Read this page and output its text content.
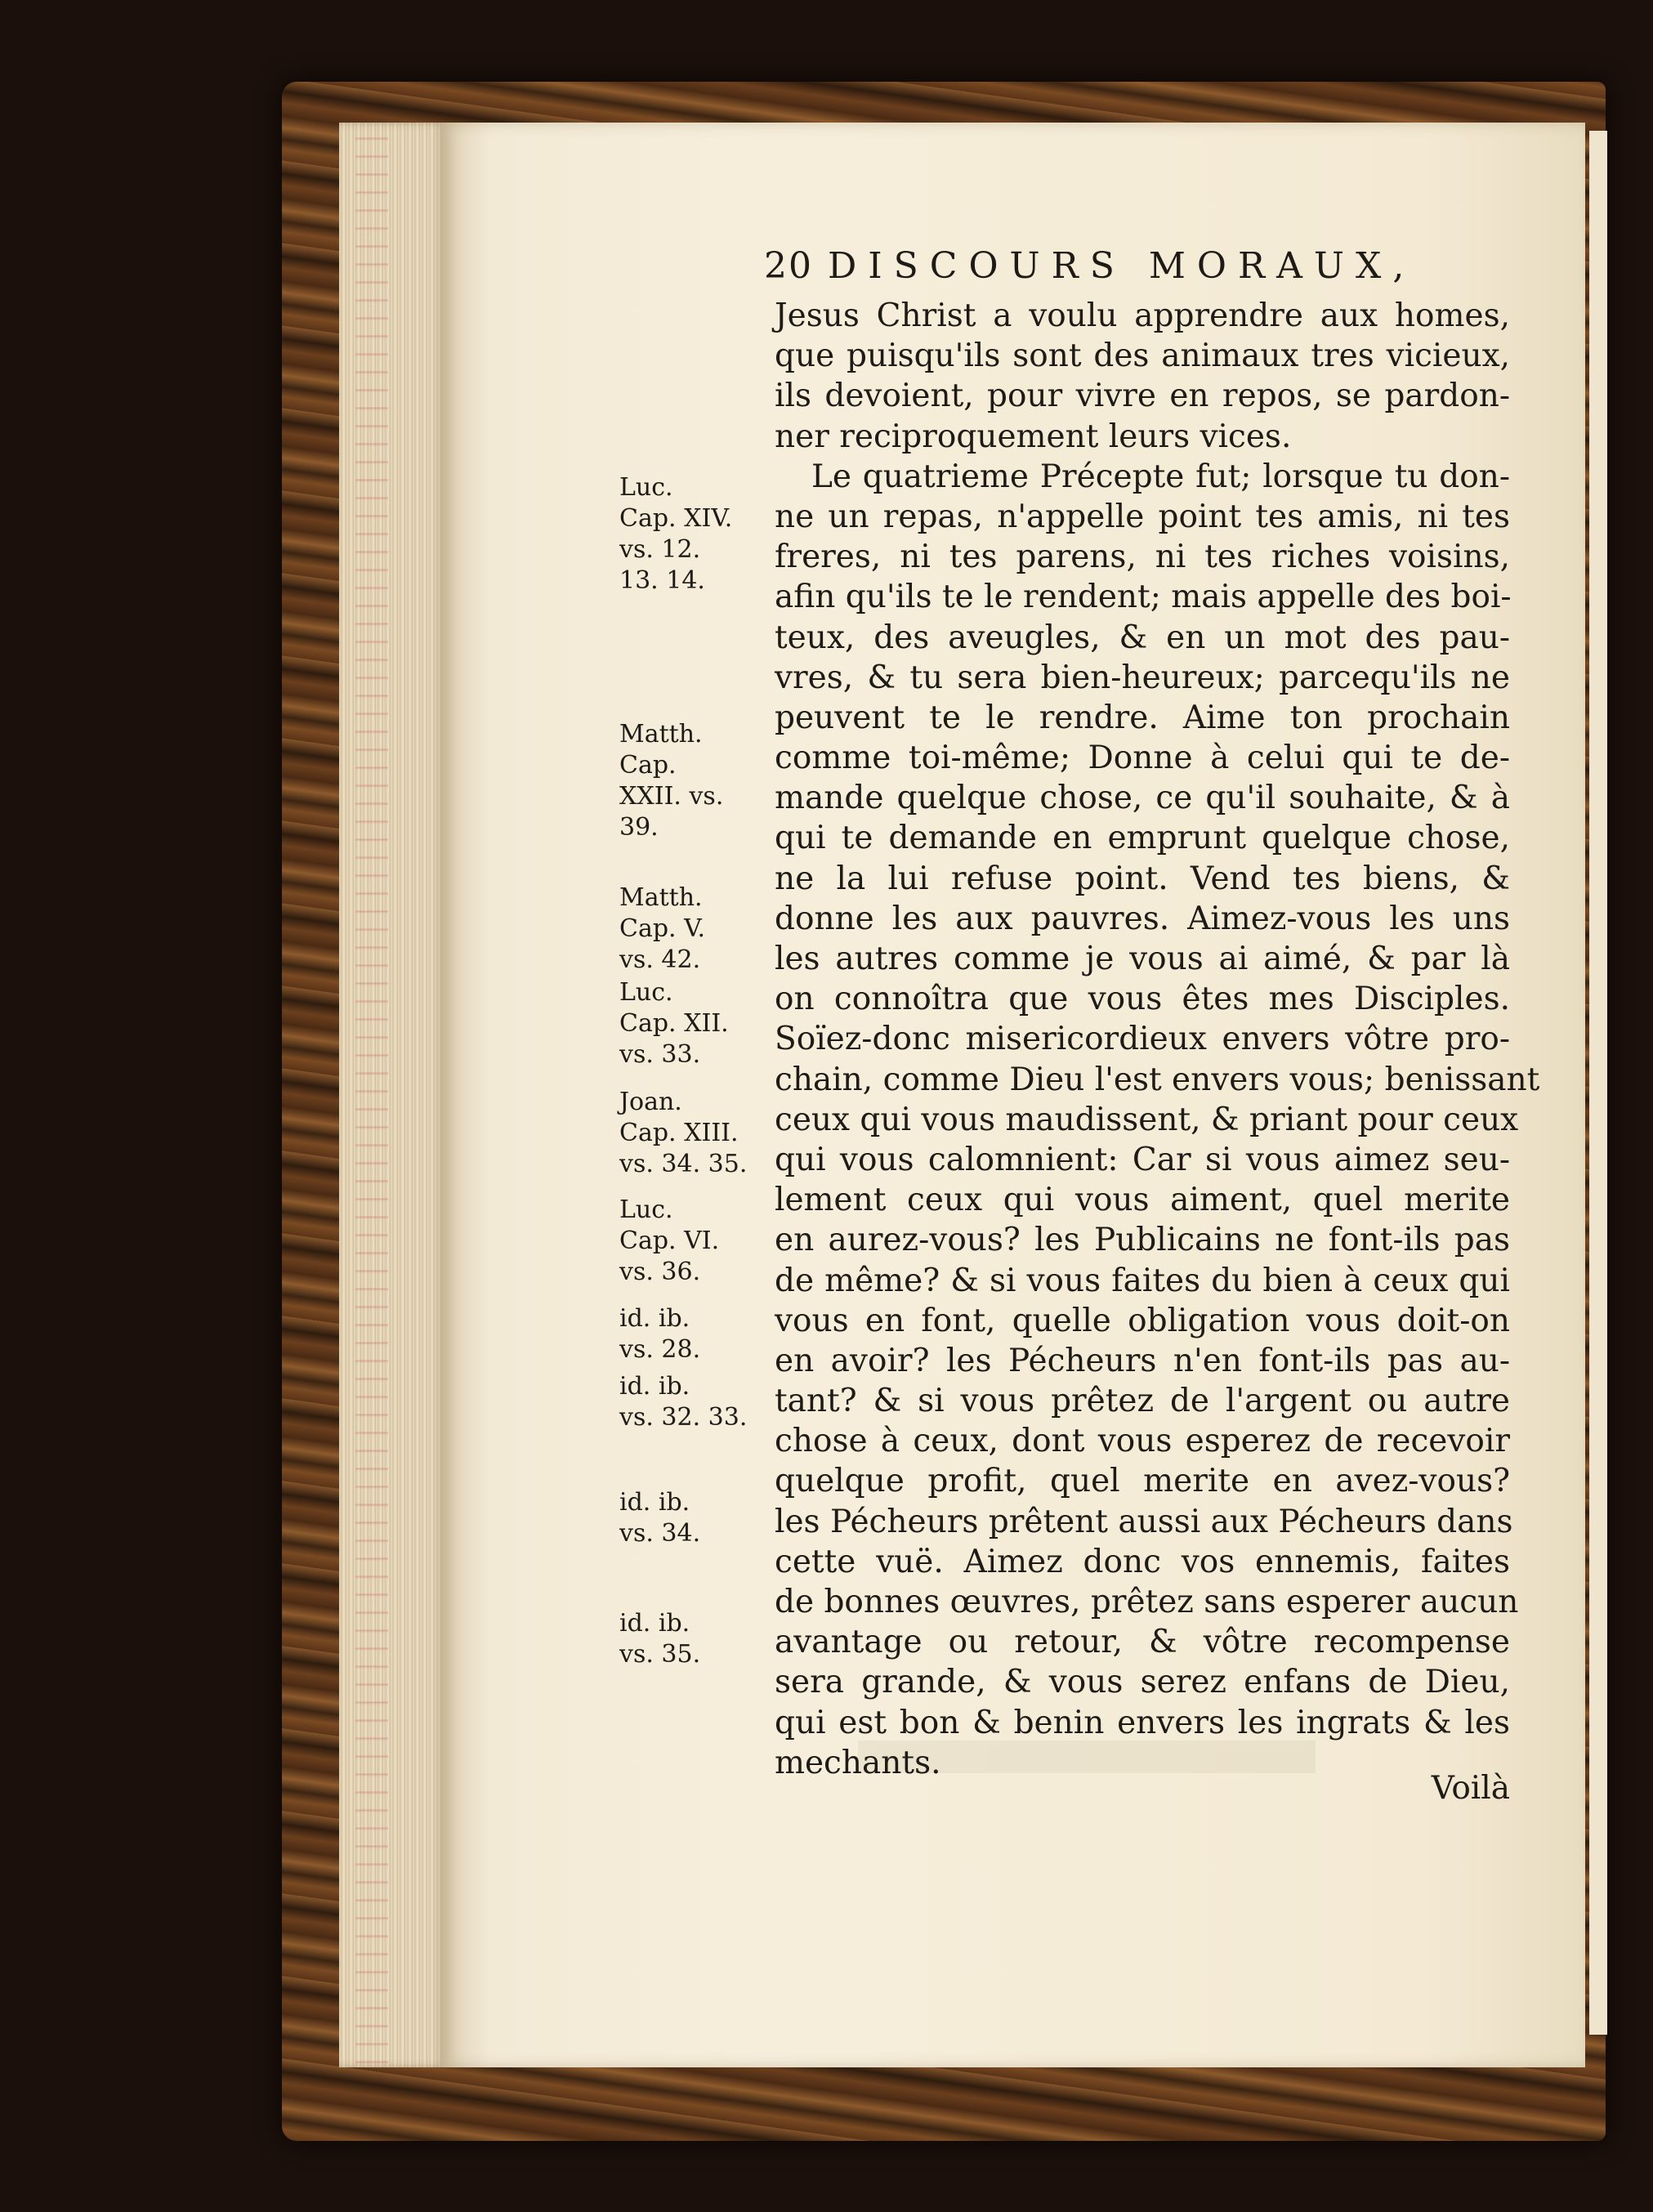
20 DISCOURS MORAUX,
Jesus Christ a voulu apprendre aux homes,
que puisqu'ils sont des animaux tres vicieux,
ils devoient, pour vivre en repos, se pardon-
ner reciproquement leurs vices.
Le quatrieme Précepte fut; lorsque tu don-
ne un repas, n'appelle point tes amis, ni tes
freres, ni tes parens, ni tes riches voisins,
afin qu'ils te le rendent; mais appelle des boi-
teux, des aveugles, & en un mot des pau-
vres, & tu sera bien-heureux; parcequ'ils ne
peuvent te le rendre. Aime ton prochain
comme toi-même; Donne à celui qui te de-
mande quelque chose, ce qu'il souhaite, & à
qui te demande en emprunt quelque chose,
ne la lui refuse point. Vend tes biens, &
donne les aux pauvres. Aimez-vous les uns
les autres comme je vous ai aimé, & par là
on connoîtra que vous êtes mes Disciples.
Soïez-donc misericordieux envers vôtre pro-
chain, comme Dieu l'est envers vous; benissant
ceux qui vous maudissent, & priant pour ceux
qui vous calomnient: Car si vous aimez seu-
lement ceux qui vous aiment, quel merite
en aurez-vous? les Publicains ne font-ils pas
de même? & si vous faites du bien à ceux qui
vous en font, quelle obligation vous doit-on
en avoir? les Pécheurs n'en font-ils pas au-
tant? & si vous prêtez de l'argent ou autre
chose à ceux, dont vous esperez de recevoir
quelque profit, quel merite en avez-vous?
les Pécheurs prêtent aussi aux Pécheurs dans
cette vuë. Aimez donc vos ennemis, faites
de bonnes œuvres, prêtez sans esperer aucun
avantage ou retour, & vôtre recompense
sera grande, & vous serez enfans de Dieu,
qui est bon & benin envers les ingrats & les
mechants.
Voilà
Luc.
Cap. XIV.
vs. 12.
13. 14.
Matth.
Cap.
XXII. vs.
39.
Matth.
Cap. V.
vs. 42.
Luc.
Cap. XII.
vs. 33.
Joan.
Cap. XIII.
vs. 34. 35.
Luc.
Cap. VI.
vs. 36.
id. ib.
vs. 28.
id. ib.
vs. 32. 33.
id. ib.
vs. 34.
id. ib.
vs. 35.
